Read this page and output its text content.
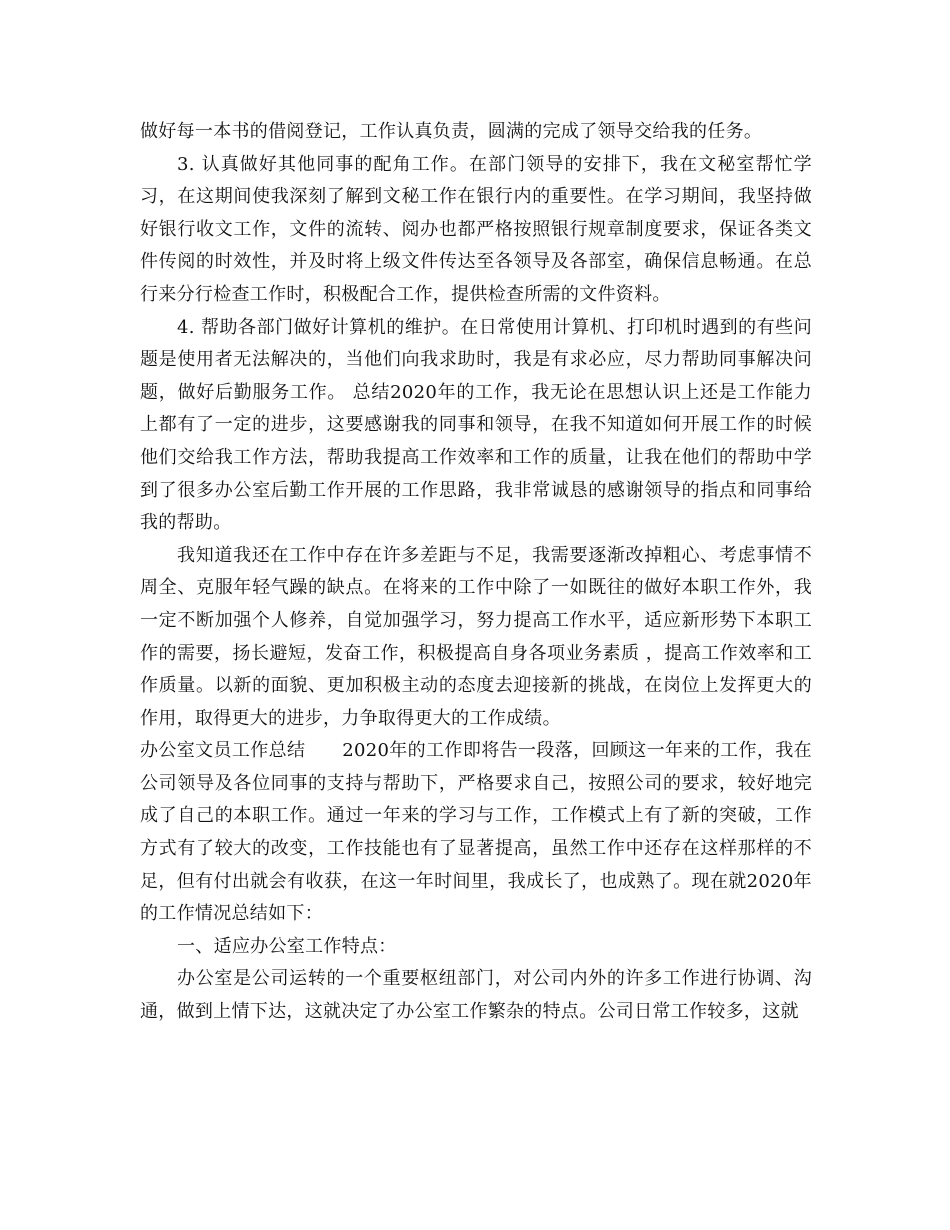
做好每一本书的借阅登记，工作认真负责，圆满的完成了领导交给我的任务。

3. 认真做好其他同事的配角工作。在部门领导的安排下，我在文秘室帮忙学习，在这期间使我深刻了解到文秘工作在银行内的重要性。在学习期间，我坚持做好银行收文工作，文件的流转、阅办也都严格按照银行规章制度要求，保证各类文件传阅的时效性，并及时将上级文件传达至各领导及各部室，确保信息畅通。在总行来分行检查工作时，积极配合工作，提供检查所需的文件资料。

4. 帮助各部门做好计算机的维护。在日常使用计算机、打印机时遇到的有些问题是使用者无法解决的，当他们向我求助时，我是有求必应，尽力帮助同事解决问题，做好后勤服务工作。 总结2020年的工作，我无论在思想认识上还是工作能力上都有了一定的进步，这要感谢我的同事和领导，在我不知道如何开展工作的时候他们交给我工作方法，帮助我提高工作效率和工作的质量，让我在他们的帮助中学到了很多办公室后勤工作开展的工作思路，我非常诚恳的感谢领导的指点和同事给我的帮助。

我知道我还在工作中存在许多差距与不足，我需要逐渐改掉粗心、考虑事情不周全、克服年轻气躁的缺点。在将来的工作中除了一如既往的做好本职工作外，我一定不断加强个人修养，自觉加强学习，努力提高工作水平，适应新形势下本职工作的需要，扬长避短，发奋工作，积极提高自身各项业务素质 ，提高工作效率和工作质量。以新的面貌、更加积极主动的态度去迎接新的挑战，在岗位上发挥更大的作用，取得更大的进步，力争取得更大的工作成绩。

办公室文员工作总结　　2020年的工作即将告一段落，回顾这一年来的工作，我在公司领导及各位同事的支持与帮助下，严格要求自己，按照公司的要求，较好地完成了自己的本职工作。通过一年来的学习与工作，工作模式上有了新的突破，工作方式有了较大的改变，工作技能也有了显著提高，虽然工作中还存在这样那样的不足，但有付出就会有收获，在这一年时间里，我成长了，也成熟了。现在就2020年的工作情况总结如下：

一、适应办公室工作特点：

办公室是公司运转的一个重要枢纽部门，对公司内外的许多工作进行协调、沟通，做到上情下达，这就决定了办公室工作繁杂的特点。公司日常工作较多，这就
